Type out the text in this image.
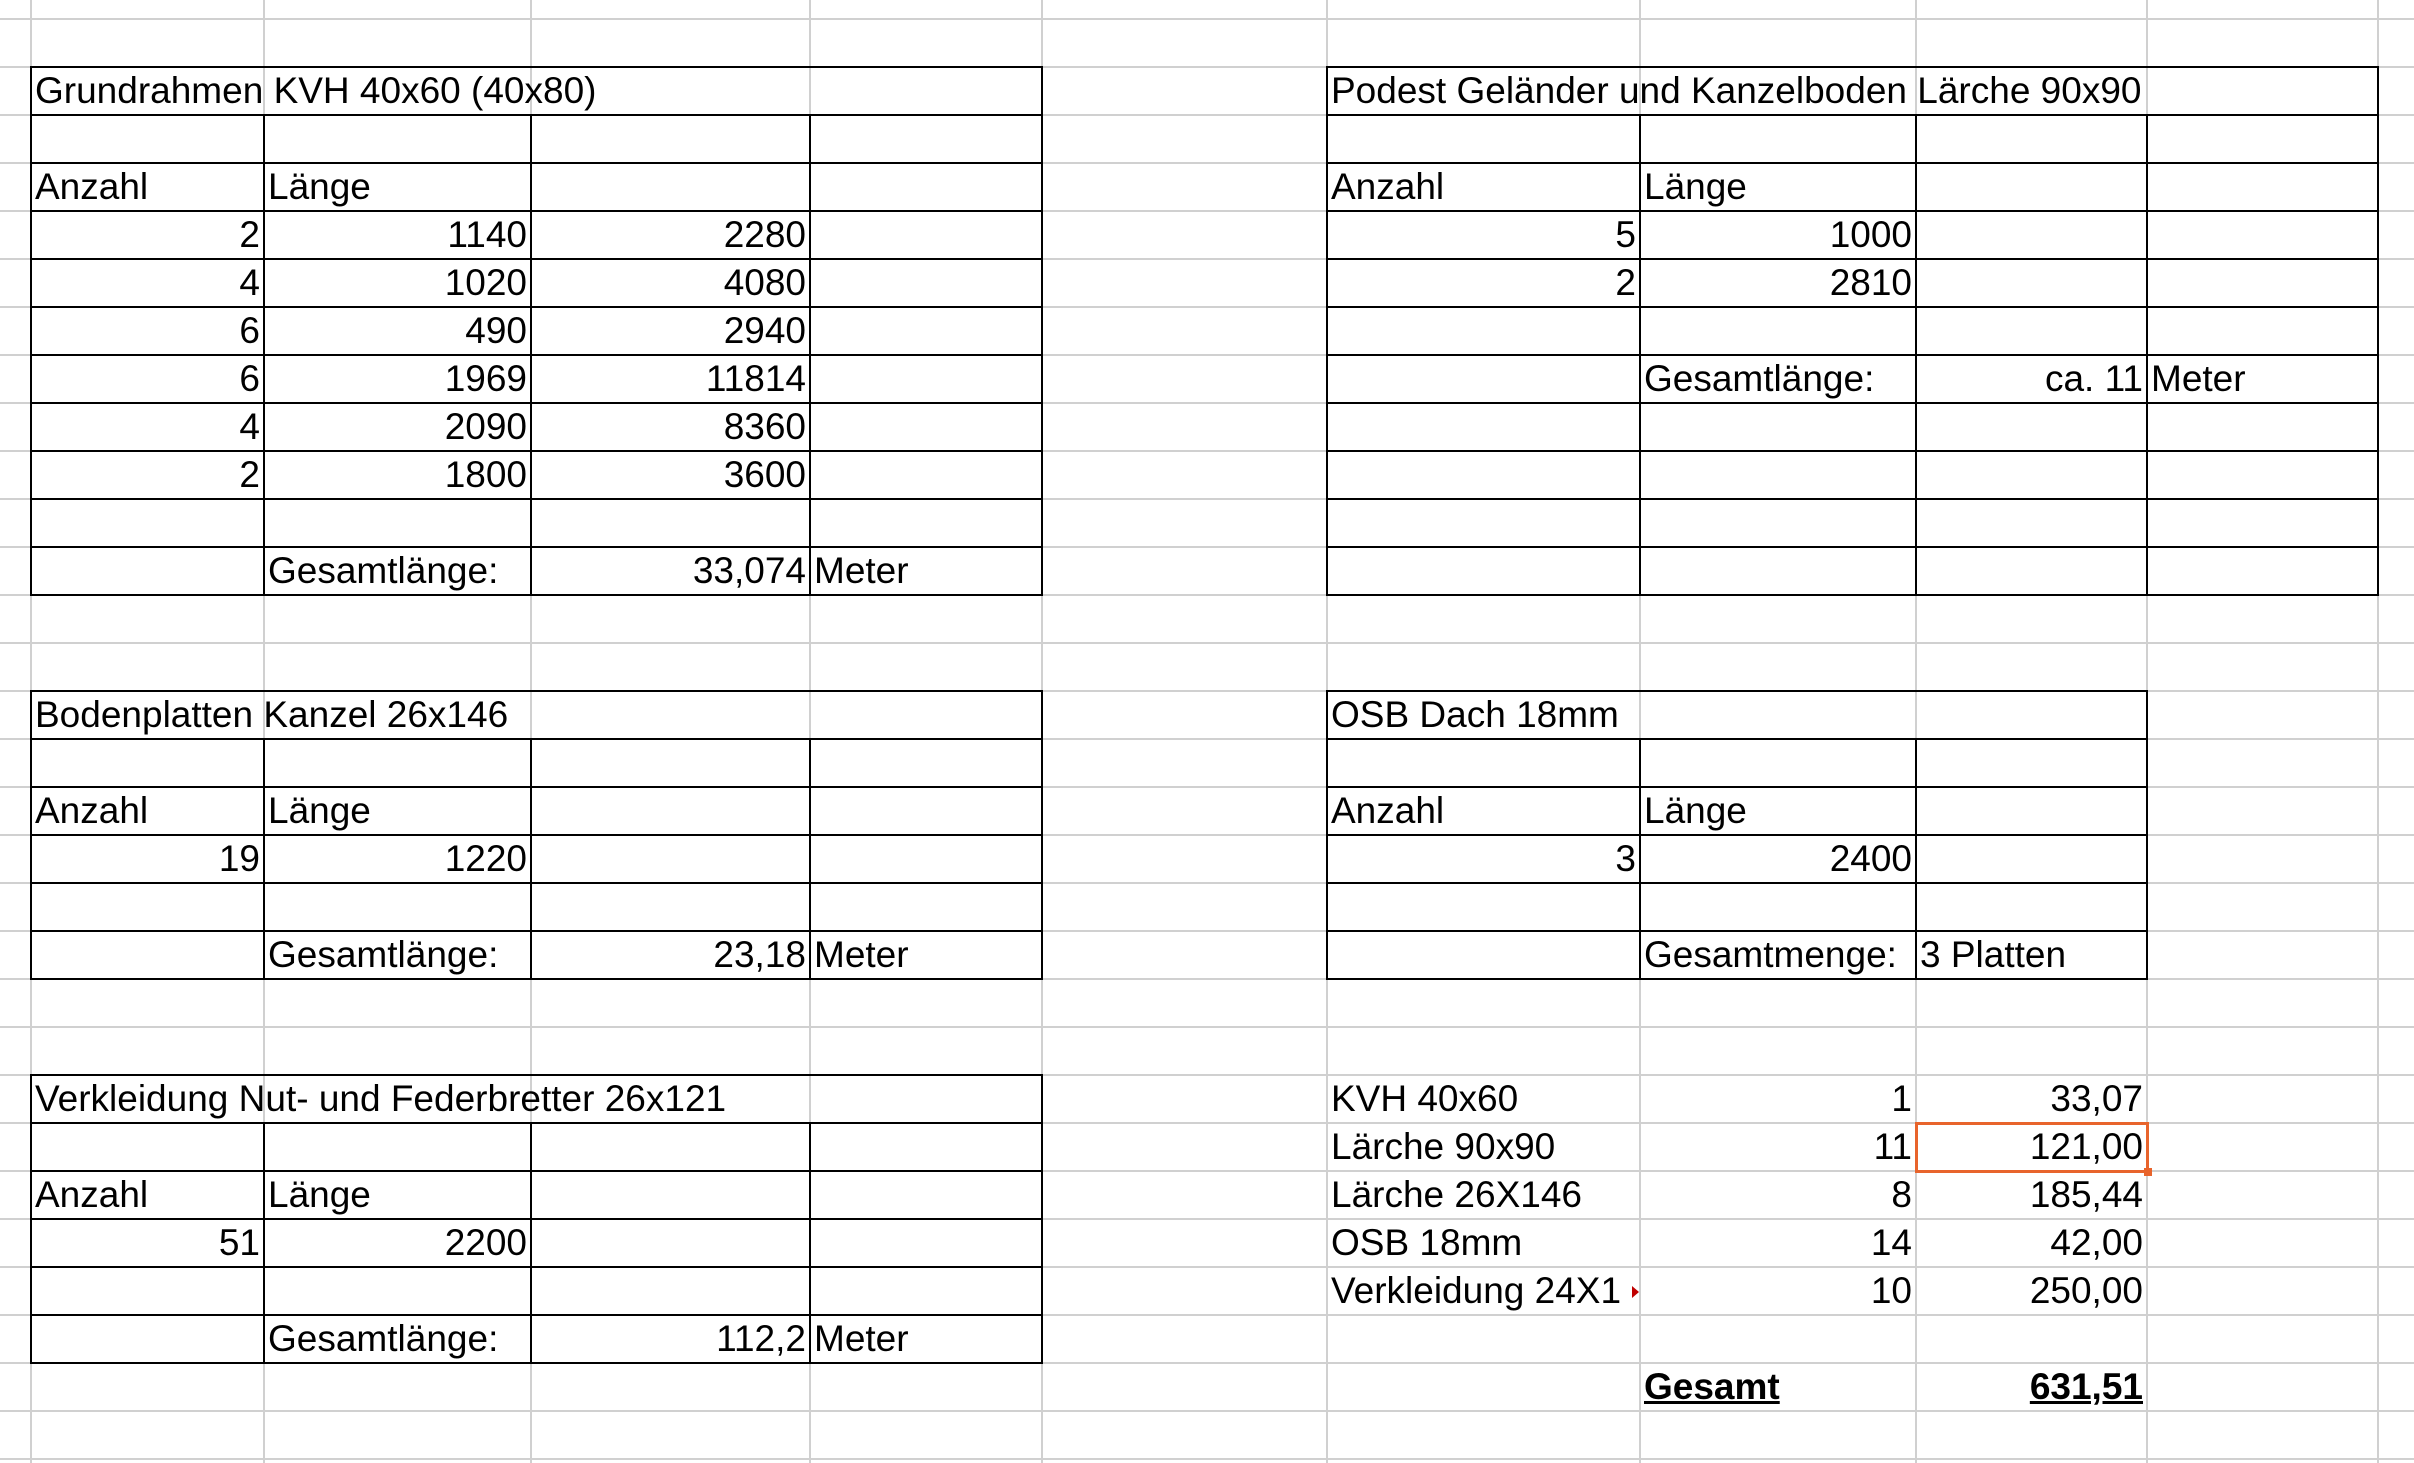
Grundrahmen KVH 40x60 (40x80)
Anzahl	Länge
2	1140	2280
4	1020	4080
6	490	2940
6	1969	11814
4	2090	8360
2	1800	3600
Gesamtlänge:	33,074 Meter
Podest Geländer und Kanzelboden Lärche 90x90
Anzahl	Länge
5	1000
2	2810
Gesamtlänge:	ca. 11 Meter
Bodenplatten Kanzel 26x146
Anzahl	Länge
19	1220
Gesamtlänge:	23,18 Meter
OSB Dach 18mm
Anzahl	Länge
3	2400
Gesamtmenge: 3 Platten
Verkleidung Nut- und Federbretter 26x121
Anzahl	Länge
51	2200
Gesamtlänge:	112,2 Meter
KVH 40x60	1	33,07
Lärche 90x90	11	121,00
Lärche 26X146	8	185,44
OSB 18mm	14	42,00
Verkleidung 24X1	10	250,00
Gesamt	631,51
